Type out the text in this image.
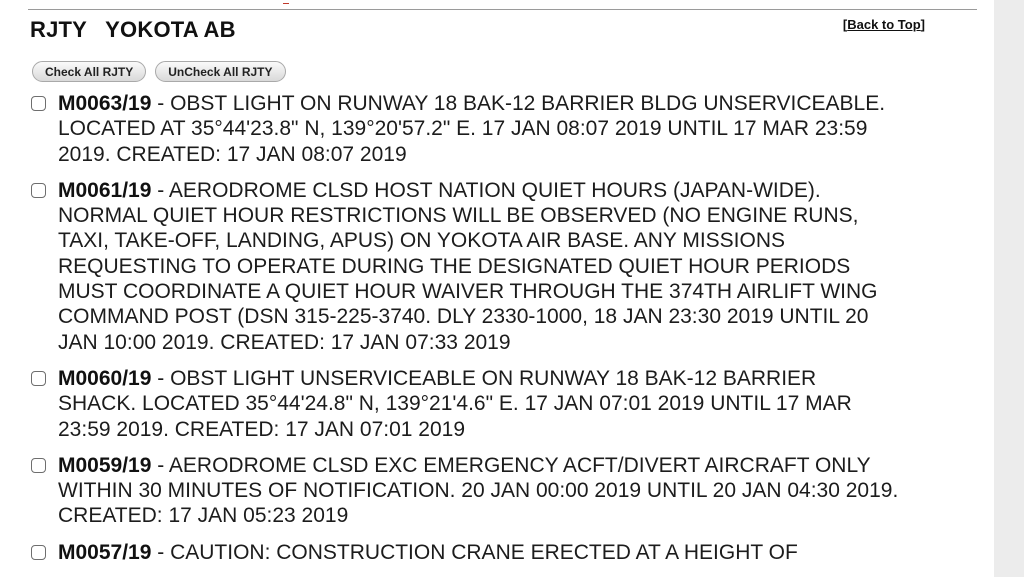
RJTY   YOKOTA AB	[Back to Top]
Check All RJTY	UnCheck All RJTY
M0063/19 - OBST LIGHT ON RUNWAY 18 BAK-12 BARRIER BLDG UNSERVICEABLE. LOCATED AT 35°44'23.8" N, 139°20'57.2" E. 17 JAN 08:07 2019 UNTIL 17 MAR 23:59 2019. CREATED: 17 JAN 08:07 2019
M0061/19 - AERODROME CLSD HOST NATION QUIET HOURS (JAPAN-WIDE). NORMAL QUIET HOUR RESTRICTIONS WILL BE OBSERVED (NO ENGINE RUNS, TAXI, TAKE-OFF, LANDING, APUS) ON YOKOTA AIR BASE. ANY MISSIONS REQUESTING TO OPERATE DURING THE DESIGNATED QUIET HOUR PERIODS MUST COORDINATE A QUIET HOUR WAIVER THROUGH THE 374TH AIRLIFT WING COMMAND POST (DSN 315-225-3740. DLY 2330-1000, 18 JAN 23:30 2019 UNTIL 20 JAN 10:00 2019. CREATED: 17 JAN 07:33 2019
M0060/19 - OBST LIGHT UNSERVICEABLE ON RUNWAY 18 BAK-12 BARRIER SHACK. LOCATED 35°44'24.8" N, 139°21'4.6" E. 17 JAN 07:01 2019 UNTIL 17 MAR 23:59 2019. CREATED: 17 JAN 07:01 2019
M0059/19 - AERODROME CLSD EXC EMERGENCY ACFT/DIVERT AIRCRAFT ONLY WITHIN 30 MINUTES OF NOTIFICATION. 20 JAN 00:00 2019 UNTIL 20 JAN 04:30 2019. CREATED: 17 JAN 05:23 2019
M0057/19 - CAUTION: CONSTRUCTION CRANE ERECTED AT A HEIGHT OF
